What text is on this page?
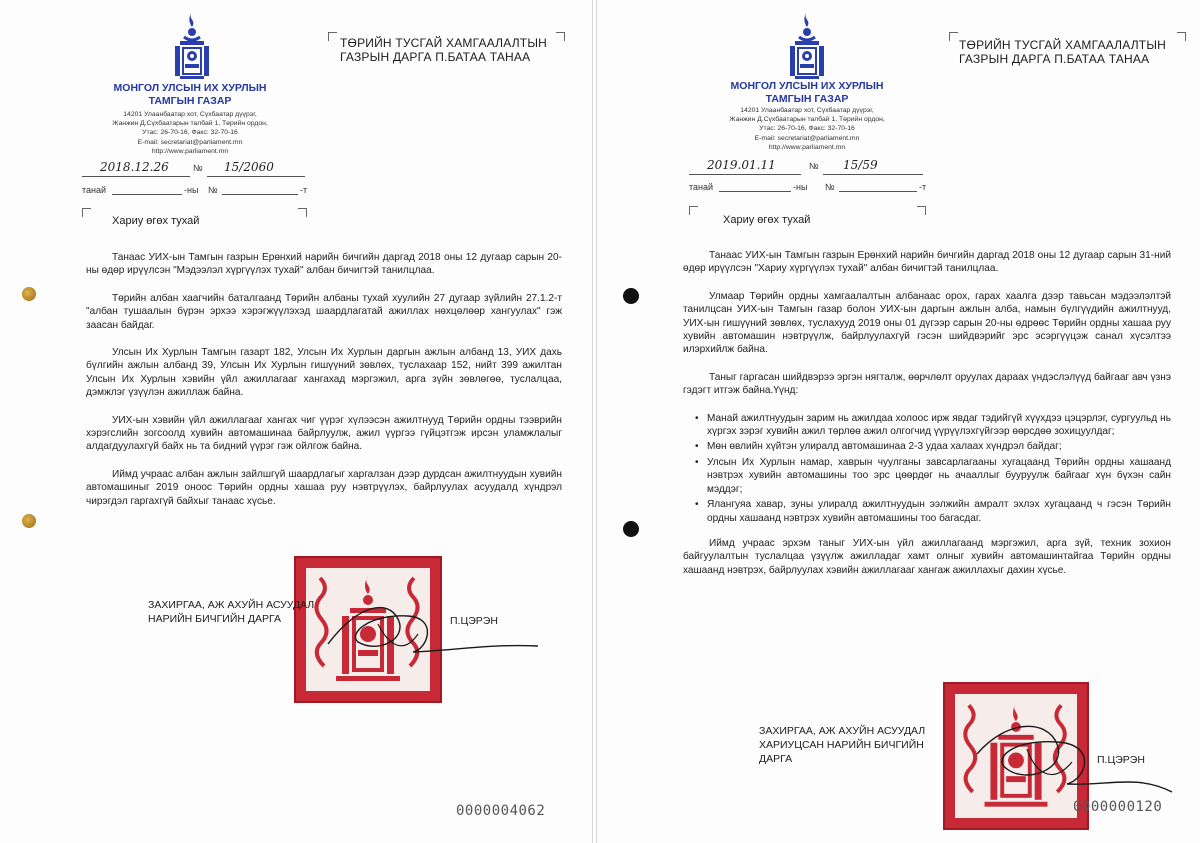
МОНГОЛ УЛСЫН ИХ ХУРЛЫН
ТАМГЫН ГАЗАР
14201 Улаанбаатар хот, Сүхбаатар дүүрэг,
Жанжин Д.Сүхбаатарын талбай 1, Төрийн ордон,
Утас: 26-70-16, Факс: 32-70-16
E-mail: secretariat@parliament.mn
http://www.parliament.mn
ТӨРИЙН ТУСГАЙ ХАМГААЛАЛТЫН
ГАЗРЫН ДАРГА П.БАТАА ТАНАА
2018.12.26	№ 15/2060
танай	-ны №	-т
Хариу өгөх тухай

Танаас УИХ-ын Тамгын газрын Ерөнхий нарийн бичгийн даргад 2018 оны 12 дугаар сарын 20-ны өдөр ирүүлсэн "Мэдээлэл хүргүүлэх тухай" албан бичигтэй танилцлаа.

Төрийн албан хаагчийн баталгаанд Төрийн албаны тухай хуулийн 27 дугаар зүйлийн 27.1.2-т "албан тушаалын бүрэн эрхээ хэрэгжүүлэхэд шаардлагатай ажиллах нөхцөлөөр хангуулах" гэж заасан байдаг.

Улсын Их Хурлын Тамгын газарт 182, Улсын Их Хурлын даргын ажлын албанд 13, УИХ дахь бүлгийн ажлын албанд 39, Улсын Их Хурлын гишүүний зөвлөх, туслахаар 152, нийт 399 ажилтан Улсын Их Хурлын хэвийн үйл ажиллагааг хангахад мэргэжил, арга зүйн зөвлөгөө, туслалцаа, дэмжлэг үзүүлэн ажиллаж байна.

УИХ-ын хэвийн үйл ажиллагааг хангах чиг үүрэг хүлээсэн ажилтнууд Төрийн ордны тээврийн хэрэгслийн зогсоолд хувийн автомашинаа байрлуулж, ажил үүргээ гүйцэтгэж ирсэн уламжлалыг алдагдуулахгүй байх нь та бидний үүрэг гэж ойлгож байна.

Иймд учраас албан ажлын зайлшгүй шаардлагыг харгалзан дээр дурдсан ажилтнуудын хувийн автомашиныг 2019 оноос Төрийн ордны хашаа руу нэвтрүүлэх, байрлуулах асуудалд хүндрэл чирэгдэл гаргахгүй байхыг танаас хүсье.

ЗАХИРГАА, АЖ АХУЙН АСУУДАЛ
НАРИЙН БИЧГИЙН ДАРГА	П.ЦЭРЭН
0000004062
МОНГОЛ УЛСЫН ИХ ХУРЛЫН
ТАМГЫН ГАЗАР
14201 Улаанбаатар хот, Сүхбаатар дүүрэг,
Жанжин Д.Сүхбаатарын талбай 1, Төрийн ордон,
Утас: 26-70-16, Факс: 32-70-16
E-mail: secretariat@parliament.mn
http://www.parliament.mn
ТӨРИЙН ТУСГАЙ ХАМГААЛАЛТЫН
ГАЗРЫН ДАРГА П.БАТАА ТАНАА
2019.01.11	№ 15/59
танай	-ны №	-т
Хариу өгөх тухай

Танаас УИХ-ын Тамгын газрын Ерөнхий нарийн бичгийн даргад 2018 оны 12 дугаар сарын 31-ний өдөр ирүүлсэн "Хариу хүргүүлэх тухай" албан бичигтэй танилцлаа.

Улмаар Төрийн ордны хамгаалалтын албанаас орох, гарах хаалга дээр тавьсан мэдээлэлтэй танилцсан УИХ-ын Тамгын газар болон УИХ-ын даргын ажлын алба, намын бүлгүүдийн ажилтнууд, УИХ-ын гишүүний зөвлөх, туслахууд 2019 оны 01 дүгээр сарын 20-ны өдрөөс Төрийн ордны хашаа руу хувийн автомашин нэвтрүүлж, байрлуулахгүй гэсэн шийдвэрийг эрс эсэргүүцэж санал хүсэлтээ илэрхийлж байна.

Таныг гаргасан шийдвэрээ эргэн нягталж, өөрчлөлт оруулах дараах үндэслэлүүд байгааг авч үзнэ гэдэгт итгэж байна.Үүнд:

• Манай ажилтнуудын зарим нь ажилдаа холоос ирж явдаг тэдийгүй хүүхдээ цэцэрлэг, сургуульд нь хүргэх зэрэг хувийн ажил төрлөө ажил олгогчид үүрүүлэхгүйгээр өөрсдөө зохицуулдаг;
• Мөн өвлийн хүйтэн улиралд автомашинаа 2-3 удаа халаах хүндрэл байдаг;
• Улсын Их Хурлын намар, хаврын чуулганы завсарлагааны хугацаанд Төрийн ордны хашаанд нэвтрэх хувийн автомашины тоо эрс цөөрдөг нь ачааллыг бууруулж байгааг хүн бүхэн сайн мэддэг;
• Ялангуяа хавар, зуны улиралд ажилтнуудын ээлжийн амралт эхлэх хугацаанд ч гэсэн Төрийн ордны хашаанд нэвтрэх хувийн автомашины тоо багасдаг.

Иймд учраас эрхэм таныг УИХ-ын үйл ажиллагаанд мэргэжил, арга зүй, техник зохион байгуулалтын туслалцаа үзүүлж ажилладаг хамт олныг хувийн автомашинтайгаа Төрийн ордны хашаанд нэвтрэх, байрлуулах хэвийн ажиллагааг хангаж ажиллахыг дахин хүсье.

ЗАХИРГАА, АЖ АХУЙН АСУУДАЛ
ХАРИУЦСАН НАРИЙН БИЧГИЙН
ДАРГА	П.ЦЭРЭН
0000000120
